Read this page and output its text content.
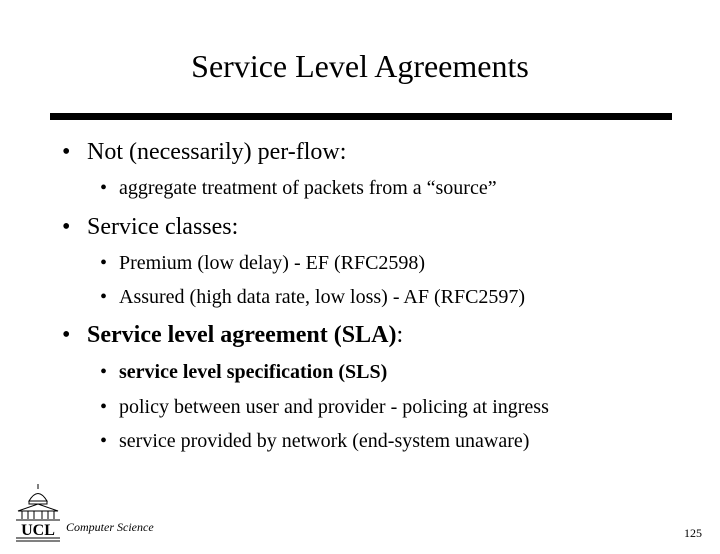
Service Level Agreements
• Not (necessarily) per-flow:
• aggregate treatment of packets from a “source”
• Service classes:
• Premium (low delay) - EF (RFC2598)
• Assured (high data rate, low loss) - AF (RFC2597)
• Service level agreement (SLA):
• service level specification (SLS)
• policy between user and provider - policing at ingress
• service provided by network (end-system unaware)
UCL Computer Science	125
